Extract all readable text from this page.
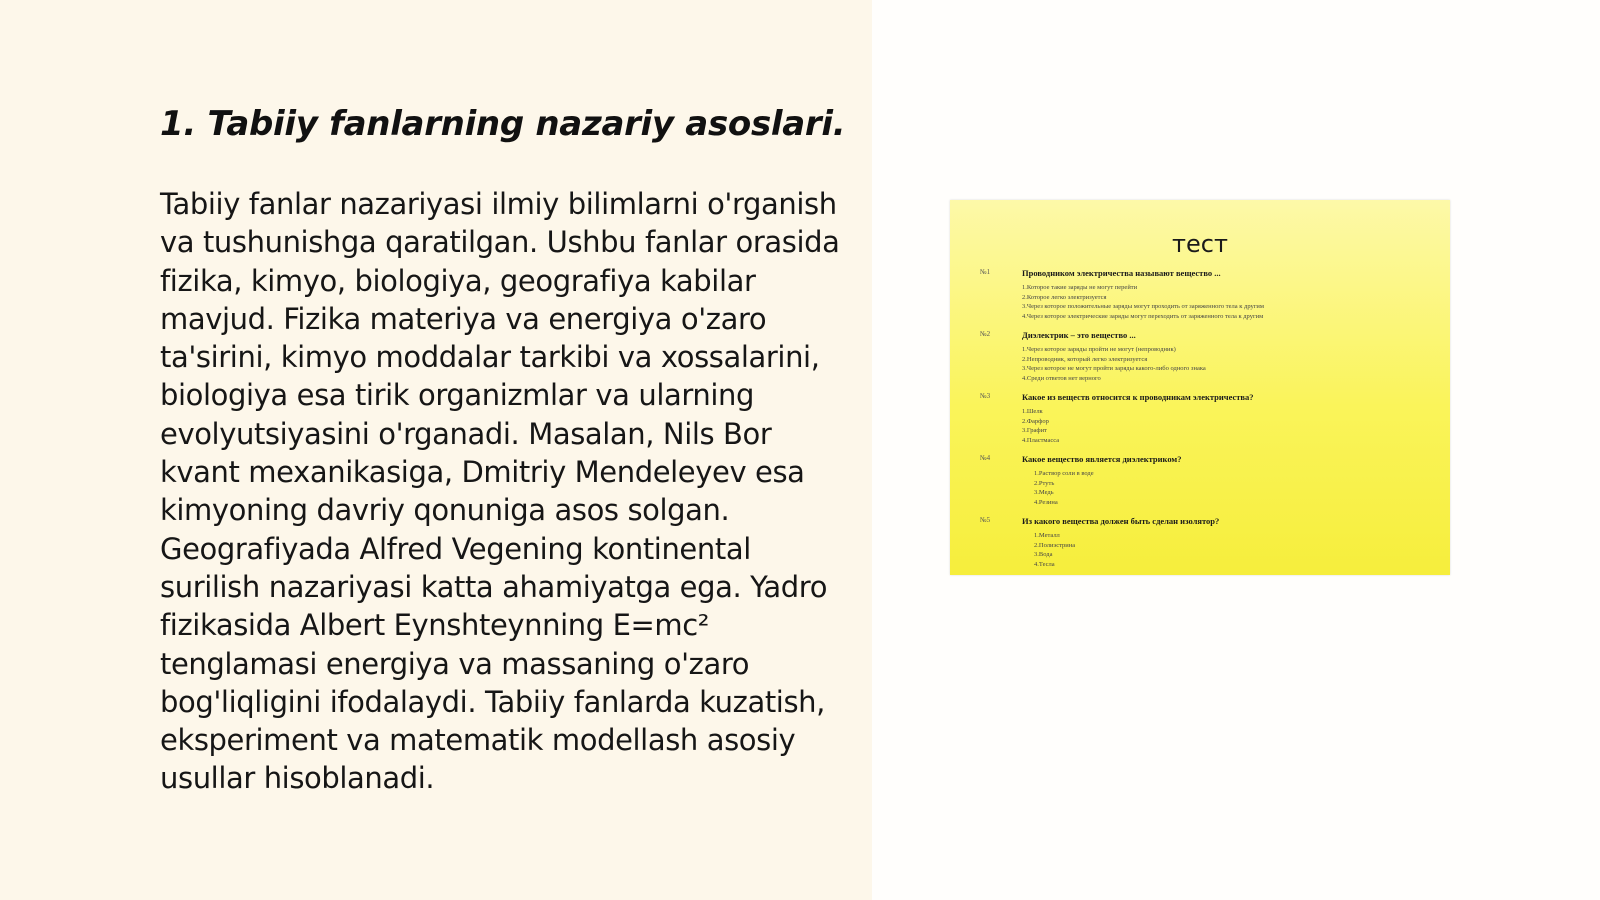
1. Tabiiy fanlarning nazariy asoslari.

Tabiiy fanlar nazariyasi ilmiy bilimlarni o'rganish va tushunishga qaratilgan. Ushbu fanlar orasida fizika, kimyo, biologiya, geografiya kabilar mavjud. Fizika materiya va energiya o'zaro ta'sirini, kimyo moddalar tarkibi va xossalarini, biologiya esa tirik organizmlar va ularning evolyutsiyasini o'rganadi. Masalan, Nils Bor kvant mexanikasiga, Dmitriy Mendeleyev esa kimyoning davriy qonuniga asos solgan. Geografiyada Alfred Vegening kontinental surilish nazariyasi katta ahamiyatga ega. Yadro fizikasida Albert Eynshteynning E=mc² tenglamasi energiya va massaning o'zaro bog'liqligini ifodalaydi. Tabiiy fanlarda kuzatish, eksperiment va matematik modellash asosiy usullar hisoblanadi.

тест
№1	Проводником электричества называют вещество ...
1.Которое такие заряды не могут перейти
2.Которое легко электризуется
3.Через которое положительные заряды могут проходить от заряженного тела к другим
4.Через которое электрические заряды могут переходить от заряженного тела к другим
№2	Диэлектрик – это вещество ...
1.Через которое заряды пройти не могут (непроводник)
2.Непроводник, который легко электризуется
3.Через которое не могут пройти заряды какого-либо одного знака
4.Среди ответов нет верного
№3	Какое из веществ относится к проводникам электричества?
1.Шелк
2.Фарфор
3.Графит
4.Пластмасса
№4	Какое вещество является диэлектриком?
1.Раствор соли в воде
2.Ртуть
3.Медь
4.Резина
№5	Из какого вещества должен быть сделан изолятор?
1.Металл
2.Полиэстрина
3.Вода
4.Тесла
